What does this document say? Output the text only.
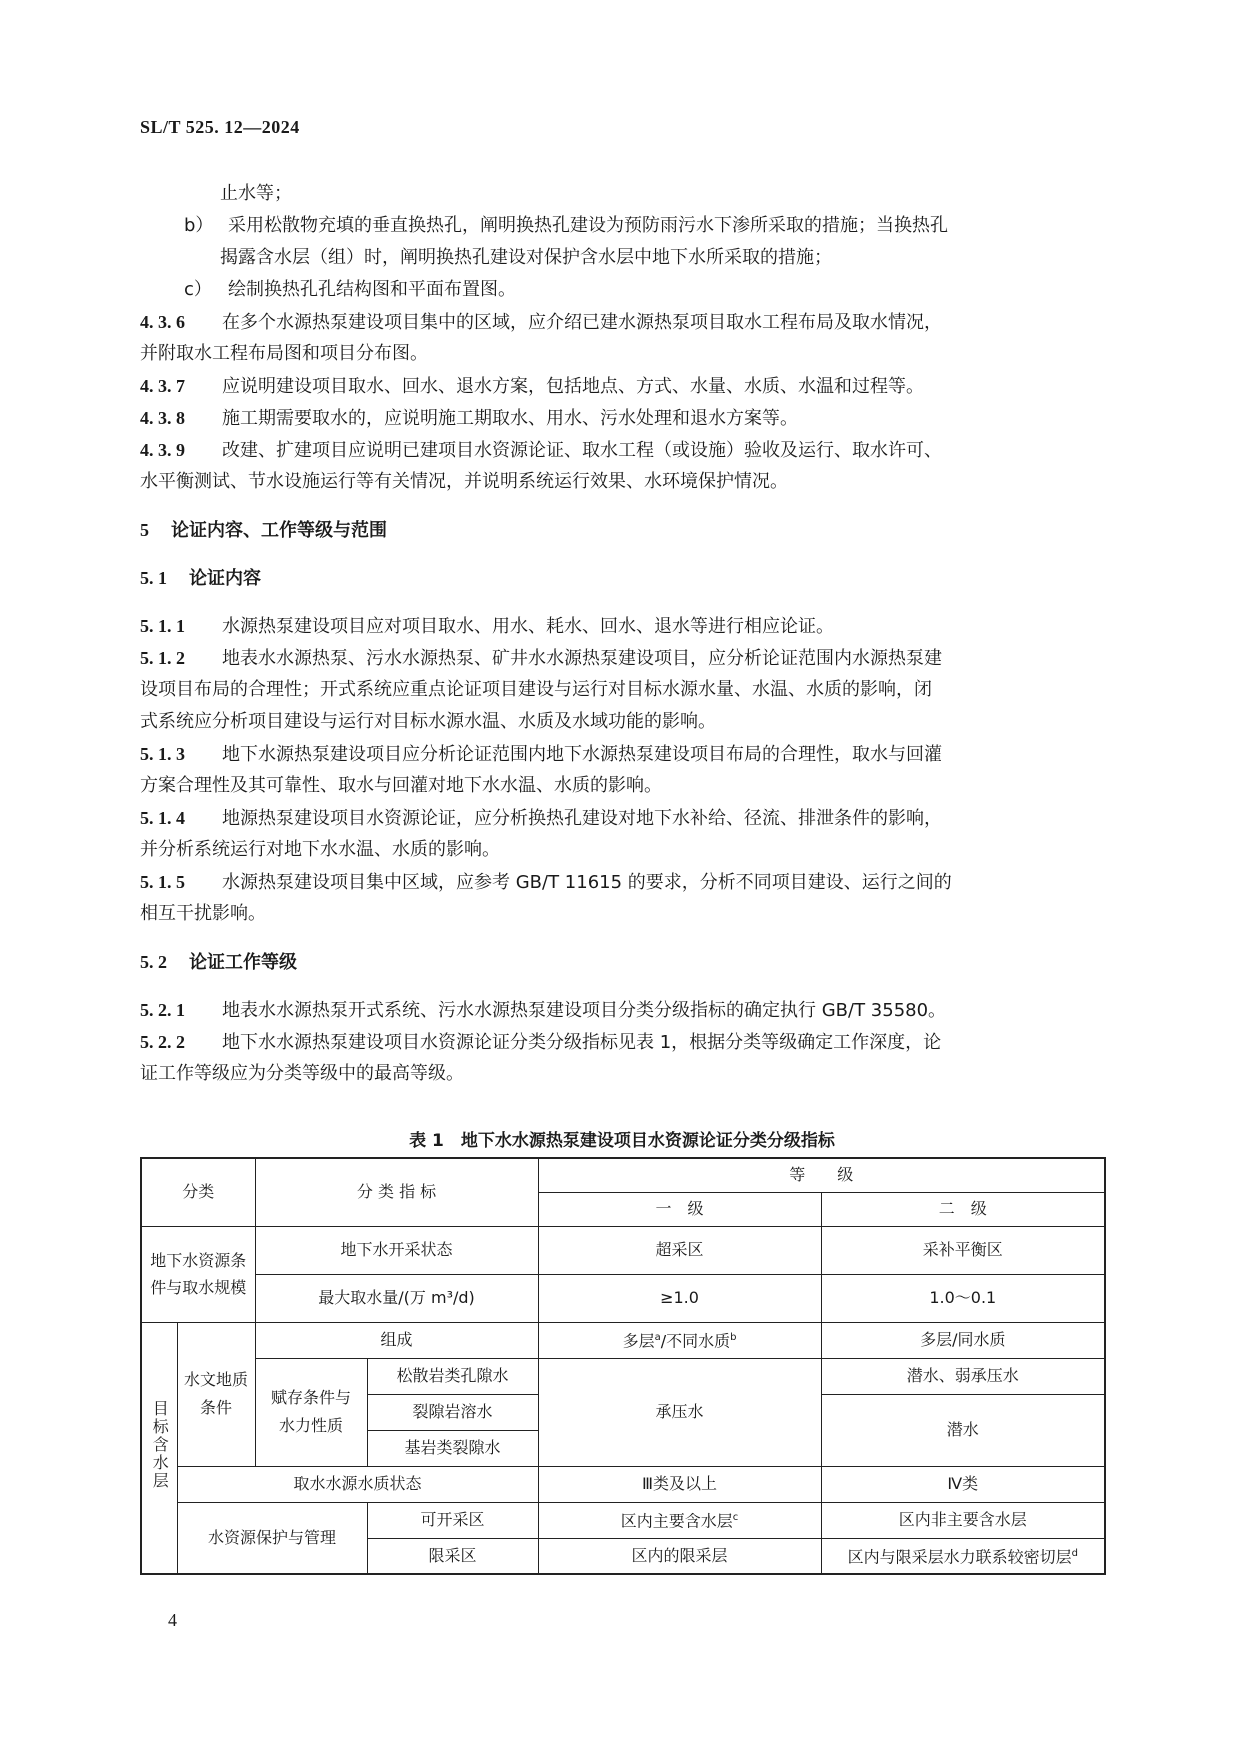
SL/T 525. 12—2024
止水等；
b） 采用松散物充填的垂直换热孔，阐明换热孔建设为预防雨污水下渗所采取的措施；当换热孔
揭露含水层（组）时，阐明换热孔建设对保护含水层中地下水所采取的措施；
c） 绘制换热孔孔结构图和平面布置图。
4. 3. 6 在多个水源热泵建设项目集中的区域，应介绍已建水源热泵项目取水工程布局及取水情况，
并附取水工程布局图和项目分布图。
4. 3. 7 应说明建设项目取水、回水、退水方案，包括地点、方式、水量、水质、水温和过程等。
4. 3. 8 施工期需要取水的，应说明施工期取水、用水、污水处理和退水方案等。
4. 3. 9 改建、扩建项目应说明已建项目水资源论证、取水工程（或设施）验收及运行、取水许可、
水平衡测试、节水设施运行等有关情况，并说明系统运行效果、水环境保护情况。
5 论证内容、工作等级与范围
5. 1 论证内容
5. 1. 1 水源热泵建设项目应对项目取水、用水、耗水、回水、退水等进行相应论证。
5. 1. 2 地表水水源热泵、污水水源热泵、矿井水水源热泵建设项目，应分析论证范围内水源热泵建
设项目布局的合理性；开式系统应重点论证项目建设与运行对目标水源水量、水温、水质的影响，闭
式系统应分析项目建设与运行对目标水源水温、水质及水域功能的影响。
5. 1. 3 地下水源热泵建设项目应分析论证范围内地下水源热泵建设项目布局的合理性，取水与回灌
方案合理性及其可靠性、取水与回灌对地下水水温、水质的影响。
5. 1. 4 地源热泵建设项目水资源论证，应分析换热孔建设对地下水补给、径流、排泄条件的影响，
并分析系统运行对地下水水温、水质的影响。
5. 1. 5 水源热泵建设项目集中区域，应参考 GB/T 11615 的要求，分析不同项目建设、运行之间的
相互干扰影响。
5. 2 论证工作等级
5. 2. 1 地表水水源热泵开式系统、污水水源热泵建设项目分类分级指标的确定执行 GB/T 35580。
5. 2. 2 地下水水源热泵建设项目水资源论证分类分级指标见表 1，根据分类等级确定工作深度，论
证工作等级应为分类等级中的最高等级。
表 1　地下水水源热泵建设项目水资源论证分类分级指标
分类		分 类 指 标		等　　级	
				一　级	二　级
地下水资源条件与取水规模		地下水开采状态		超采区	采补平衡区
		最大取水量/(万 m³/d)		≥1.0	1.0～0.1
目标含水层	水文地质条件	组成		多层$^a$/不同水质$^b$	多层/同水质
		赋存条件与水力性质	松散岩类孔隙水	承压水	潜水、弱承压水
			裂隙岩溶水		潜水
			基岩类裂隙水		
	取水水源水质状态			Ⅲ类及以上	Ⅳ类
	水资源保护与管理		可开采区	区内主要含水层$^c$	区内非主要含水层
			限采区	区内的限采层	区内与限采层水力联系较密切层$^d$
4
